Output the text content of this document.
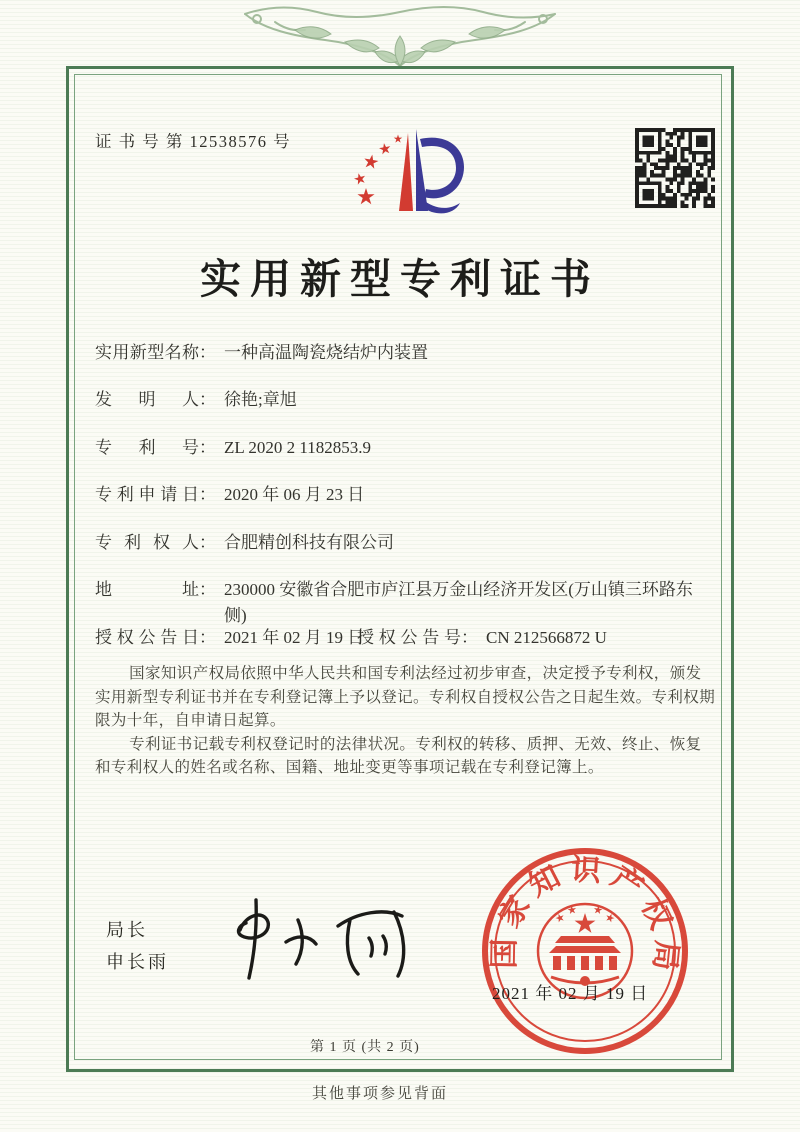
证 书 号 第 12538576 号
实用新型专利证书
实用新型名称： 一种高温陶瓷烧结炉内装置
发明人： 徐艳;章旭
专利号： ZL 2020 2 1182853.9
专利申请日： 2020 年 06 月 23 日
专利权人： 合肥精创科技有限公司
地址： 230000 安徽省合肥市庐江县万金山经济开发区(万山镇三环路东侧)
授权公告日： 2021 年 02 月 19 日
授权公告号： CN 212566872 U

国家知识产权局依照中华人民共和国专利法经过初步审查，决定授予专利权，颁发实用新型专利证书并在专利登记簿上予以登记。专利权自授权公告之日起生效。专利权期限为十年，自申请日起算。

专利证书记载专利权登记时的法律状况。专利权的转移、质押、无效、终止、恢复和专利权人的姓名或名称、国籍、地址变更等事项记载在专利登记簿上。

局长
申长雨	国家知识产权局
2021 年 02 月 19 日
第 1 页 (共 2 页)
其他事项参见背面
